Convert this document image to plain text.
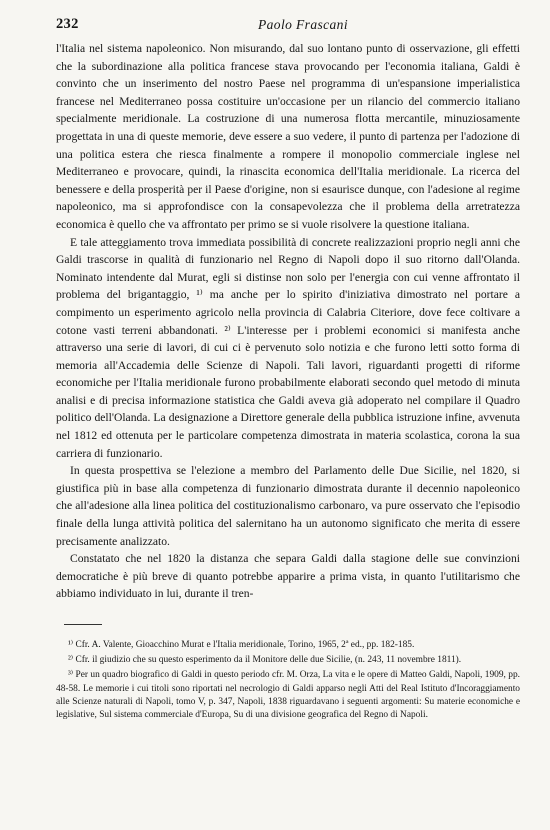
232	Paolo Frascani

l'Italia nel sistema napoleonico. Non misurando, dal suo lontano punto di osservazione, gli effetti che la subordinazione alla politica francese stava provocando per l'economia italiana, Galdi è convinto che un inserimento del nostro Paese nel programma di un'espansione imperialistica francese nel Mediterraneo possa costituire un'occasione per un rilancio del commercio italiano specialmente meridionale. La costruzione di una numerosa flotta mercantile, minuziosamente progettata in una di queste memorie, deve essere a suo vedere, il punto di partenza per l'adozione di una politica estera che riesca finalmente a rompere il monopolio commerciale inglese nel Mediterraneo e provocare, quindi, la rinascita economica dell'Italia meridionale. La ricerca del benessere e della prosperità per il Paese d'origine, non si esaurisce dunque, con l'adesione al regime napoleonico, ma si approfondisce con la consapevolezza che il problema della arretratezza economica è quello che va affrontato per primo se si vuole risolvere la questione italiana.

E tale atteggiamento trova immediata possibilità di concrete realizzazioni proprio negli anni che Galdi trascorse in qualità di funzionario nel Regno di Napoli dopo il suo ritorno dall'Olanda. Nominato intendente dal Murat, egli si distinse non solo per l'energia con cui venne affrontato il problema del brigantaggio, ¹⁾ ma anche per lo spirito d'iniziativa dimostrato nel portare a compimento un esperimento agricolo nella provincia di Calabria Citeriore, dove fece coltivare a cotone vasti terreni abbandonati. ²⁾ L'interesse per i problemi economici si manifesta anche attraverso una serie di lavori, di cui ci è pervenuto solo notizia e che furono letti sotto forma di memoria all'Accademia delle Scienze di Napoli. Tali lavori, riguardanti progetti di riforme economiche per l'Italia meridionale furono probabilmente elaborati secondo quel metodo di minuta analisi e di precisa informazione statistica che Galdi aveva già adoperato nel compilare il Quadro politico dell'Olanda. La designazione a Direttore generale della pubblica istruzione infine, avvenuta nel 1812 ed ottenuta per le particolare competenza dimostrata in materia scolastica, corona la sua carriera di funzionario.

In questa prospettiva se l'elezione a membro del Parlamento delle Due Sicilie, nel 1820, si giustifica più in base alla competenza di funzionario dimostrata durante il decennio napoleonico che all'adesione alla linea politica del costituzionalismo carbonaro, va pure osservato che l'episodio finale della lunga attività politica del salernitano ha un autonomo significato che merita di essere precisamente analizzato.

Constatato che nel 1820 la distanza che separa Galdi dalla stagione delle sue convinzioni democratiche è più breve di quanto potrebbe apparire a prima vista, in quanto l'utilitarismo che abbiamo individuato in lui, durante il tren-

¹⁾ Cfr. A. Valente, Gioacchino Murat e l'Italia meridionale, Torino, 1965, 2ª ed., pp. 182-185.

²⁾ Cfr. il giudizio che su questo esperimento da il Monitore delle due Sicilie, (n. 243, 11 novembre 1811).

³⁾ Per un quadro biografico di Galdi in questo periodo cfr. M. Orza, La vita e le opere di Matteo Galdi, Napoli, 1909, pp. 48-58. Le memorie i cui titoli sono riportati nel necrologio di Galdi apparso negli Atti del Real Istituto d'Incoraggiamento alle Scienze naturali di Napoli, tomo V, p. 347, Napoli, 1838 riguardavano i seguenti argomenti: Su materie economiche e legislative, Sul sistema commerciale d'Europa, Su di una divisione geografica del Regno di Napoli.
